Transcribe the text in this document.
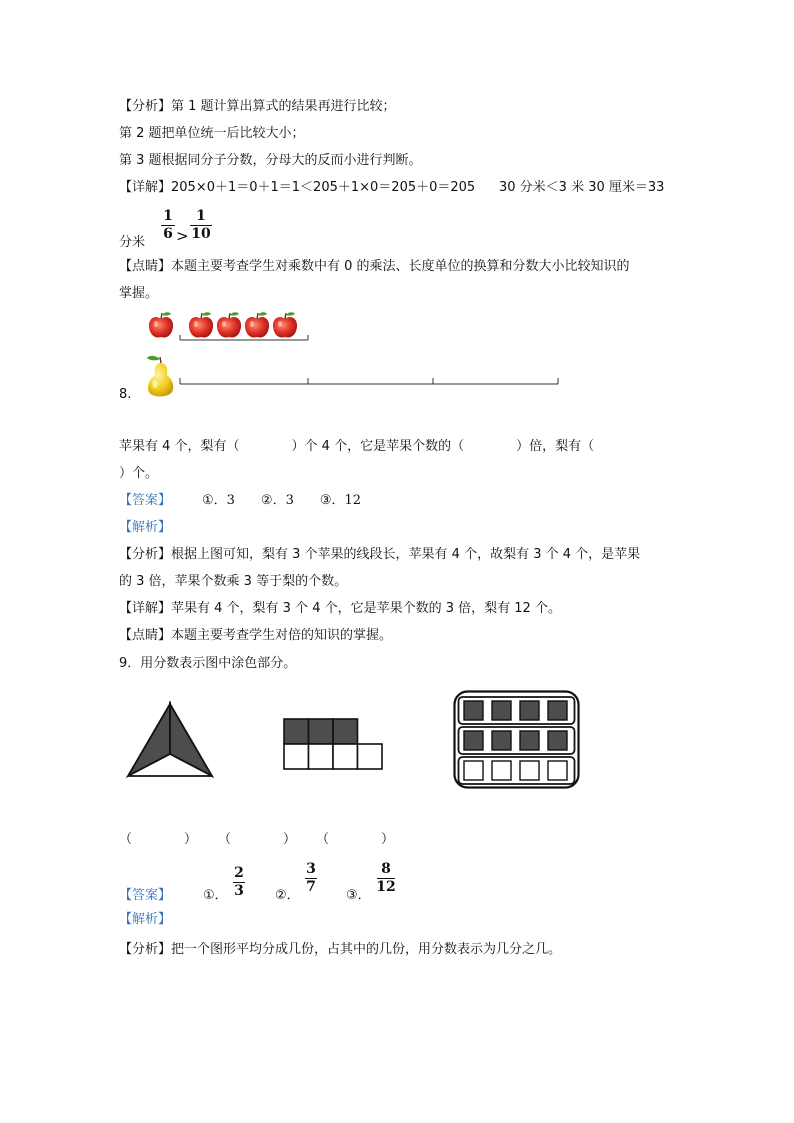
【分析】第 1 题计算出算式的结果再进行比较；
第 2 题把单位统一后比较大小；
第 3 题根据同分子分数，分母大的反而小进行判断。
【详解】205×0＋1＝0＋1＝1＜205＋1×0＝205＋0＝205 30 分米＜3 米 30 厘米＝33
分米
1
6 >
1
10
【点睛】本题主要考查学生对乘数中有 0 的乘法、长度单位的换算和分数大小比较知识的
掌握。
8.
苹果有 4 个，梨有（　　　　）个 4 个，它是苹果个数的（　　　　）倍，梨有（
）个。
【答案】 ①．3　　②．3　　③．12
【解析】
【分析】根据上图可知，梨有 3 个苹果的线段长，苹果有 4 个，故梨有 3 个 4 个，是苹果
的 3 倍，苹果个数乘 3 等于梨的个数。
【详解】苹果有 4 个，梨有 3 个 4 个，它是苹果个数的 3 倍，梨有 12 个。
【点睛】本题主要考查学生对倍的知识的掌握。
9．用分数表示图中涂色部分。
（　　　　） （　　　　） （　　　　）
【答案】 ①．
2
3 ②．
3
7
③．
8
12
【解析】
【分析】把一个图形平均分成几份，占其中的几份，用分数表示为几分之几。
